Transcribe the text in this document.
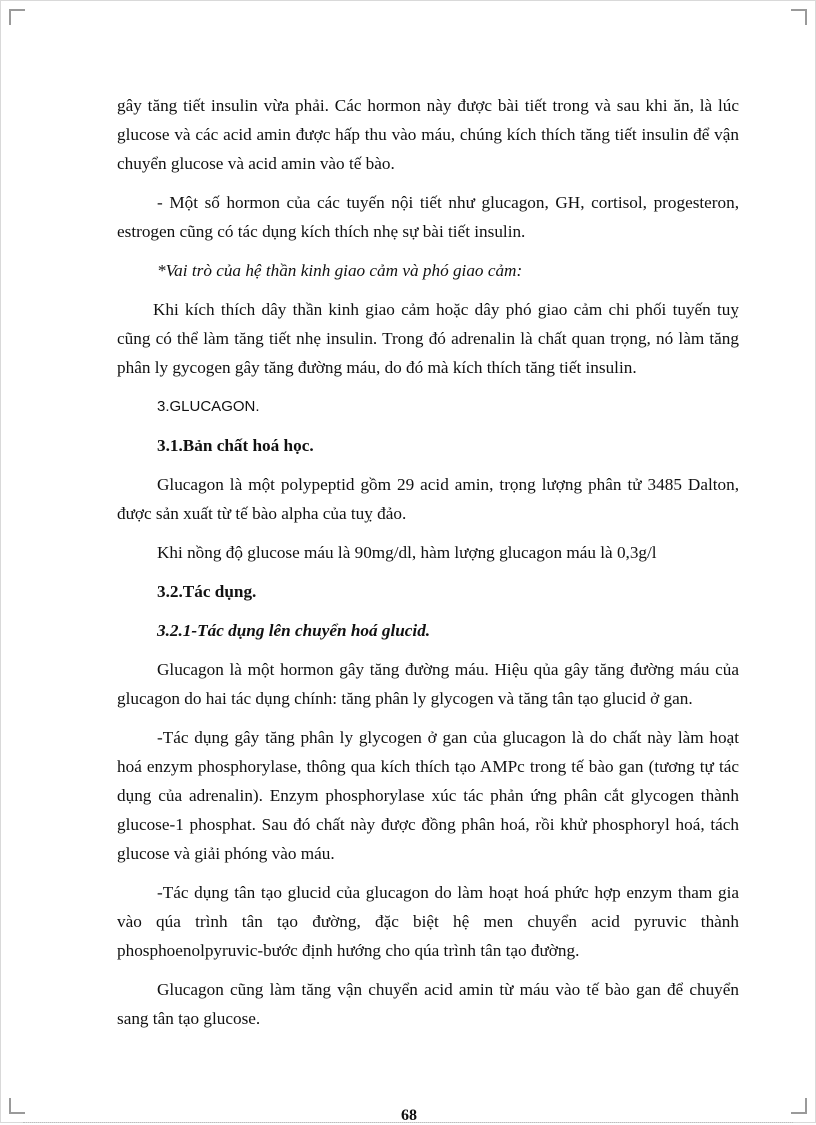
gây tăng tiết insulin vừa phải. Các hormon này được bài tiết trong và sau khi ăn, là lúc glucose và các acid amin được hấp thu vào máu, chúng kích thích tăng tiết insulin để vận chuyển glucose và acid amin vào tế bào.

- Một số hormon của các tuyến nội tiết như glucagon, GH, cortisol, progesteron, estrogen cũng có tác dụng kích thích nhẹ sự bài tiết insulin.

*Vai trò của hệ thần kinh giao cảm và phó giao cảm:

Khi kích thích dây thần kinh giao cảm hoặc dây phó giao cảm chi phối tuyến tuỵ cũng có thể làm tăng tiết nhẹ insulin. Trong đó adrenalin là chất quan trọng, nó làm tăng phân ly gycogen gây tăng đường máu, do đó mà kích thích tăng tiết insulin.

3.GLUCAGON.

3.1.Bản chất hoá học.

Glucagon là một polypeptid gồm 29 acid amin, trọng lượng phân tử 3485 Dalton, được sản xuất từ tế bào alpha của tuỵ đảo.

Khi nồng độ glucose máu là 90mg/dl, hàm lượng glucagon máu là 0,3g/l

3.2.Tác dụng.

3.2.1-Tác dụng lên chuyển hoá glucid.

Glucagon là một hormon gây tăng đường máu. Hiệu qủa gây tăng đường máu của glucagon do hai tác dụng chính: tăng phân ly glycogen và tăng tân tạo glucid ở gan.

-Tác dụng gây tăng phân ly glycogen ở gan của glucagon là do chất này làm hoạt hoá enzym phosphorylase, thông qua kích thích tạo AMPc trong tế bào gan (tương tự tác dụng của adrenalin). Enzym phosphorylase xúc tác phản ứng phân cắt glycogen thành glucose-1 phosphat. Sau đó chất này được đồng phân hoá, rồi khử phosphoryl hoá, tách glucose và giải phóng vào máu.

-Tác dụng tân tạo glucid của glucagon do làm hoạt hoá phức hợp enzym tham gia vào qúa trình tân tạo đường, đặc biệt hệ men chuyển acid pyruvic thành phosphoenolpyruvic-bước định hướng cho qúa trình tân tạo đường.

Glucagon cũng làm tăng vận chuyển acid amin từ máu vào tế bào gan để chuyển sang tân tạo glucose.

68
